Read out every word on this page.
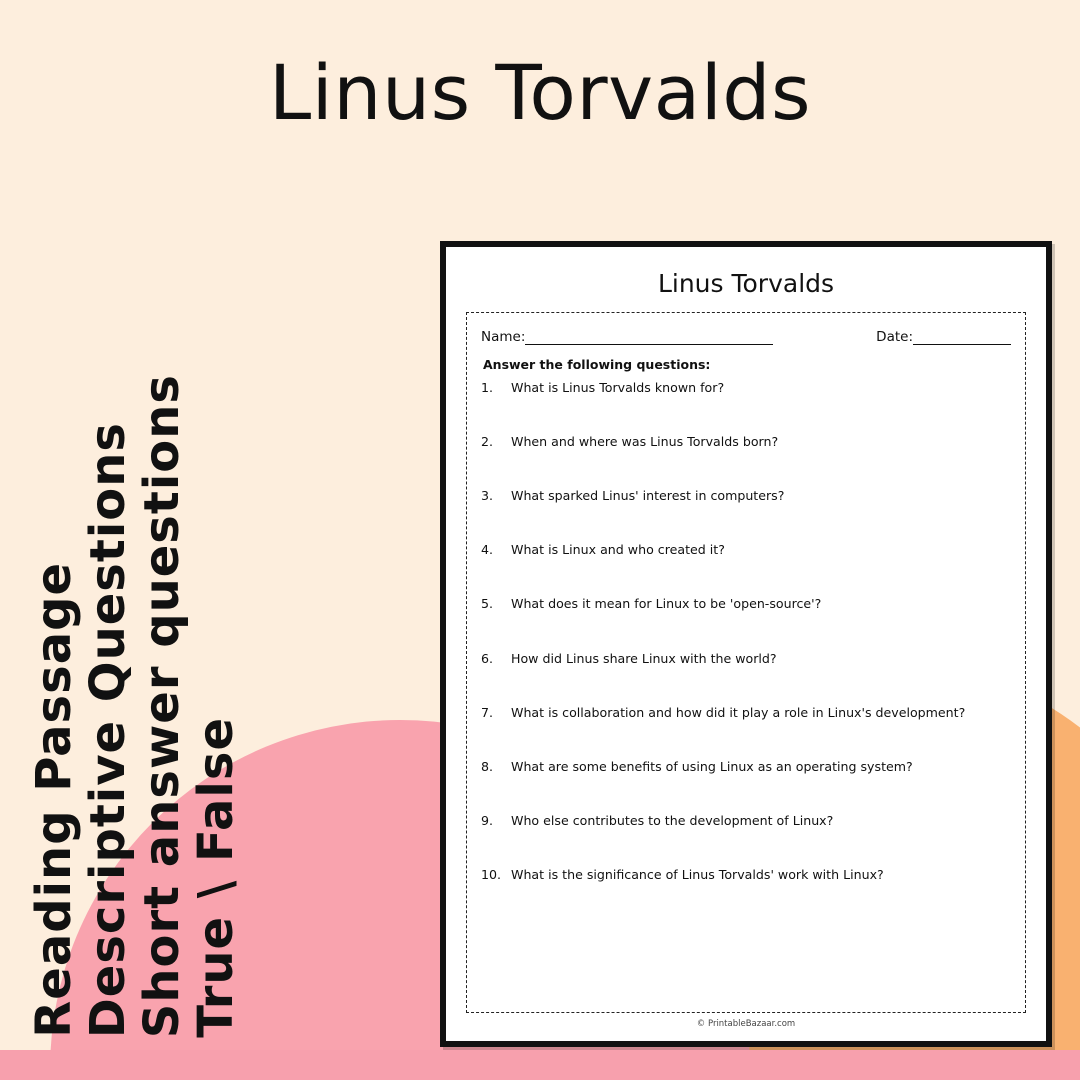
Linus Torvalds
Reading Passage
Descriptive Questions
Short answer questions
True \ False
Linus Torvalds
Name:	Date:
Answer the following questions:
1.	What is Linus Torvalds known for?
2.	When and where was Linus Torvalds born?
3.	What sparked Linus' interest in computers?
4.	What is Linux and who created it?
5.	What does it mean for Linux to be 'open-source'?
6.	How did Linus share Linux with the world?
7.	What is collaboration and how did it play a role in Linux's development?
8.	What are some benefits of using Linux as an operating system?
9.	Who else contributes to the development of Linux?
10. What is the significance of Linus Torvalds' work with Linux?
© PrintableBazaar.com
